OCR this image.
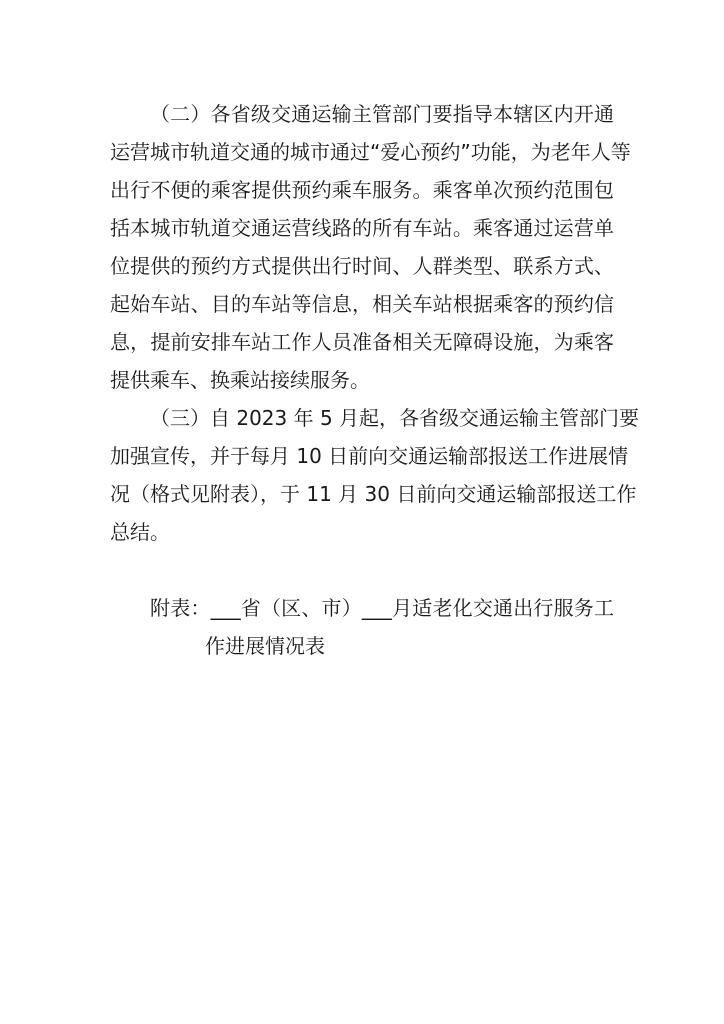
（二）各省级交通运输主管部门要指导本辖区内开通
运营城市轨道交通的城市通过“爱心预约”功能，为老年人等
出行不便的乘客提供预约乘车服务。乘客单次预约范围包
括本城市轨道交通运营线路的所有车站。乘客通过运营单
位提供的预约方式提供出行时间、人群类型、联系方式、
起始车站、目的车站等信息，相关车站根据乘客的预约信
息，提前安排车站工作人员准备相关无障碍设施，为乘客
提供乘车、换乘站接续服务。
（三）自 2023 年 5 月起，各省级交通运输主管部门要
加强宣传，并于每月 10 日前向交通运输部报送工作进展情
况（格式见附表），于 11 月 30 日前向交通运输部报送工作
总结。
附表：___省（区、市）___月适老化交通出行服务工
作进展情况表
